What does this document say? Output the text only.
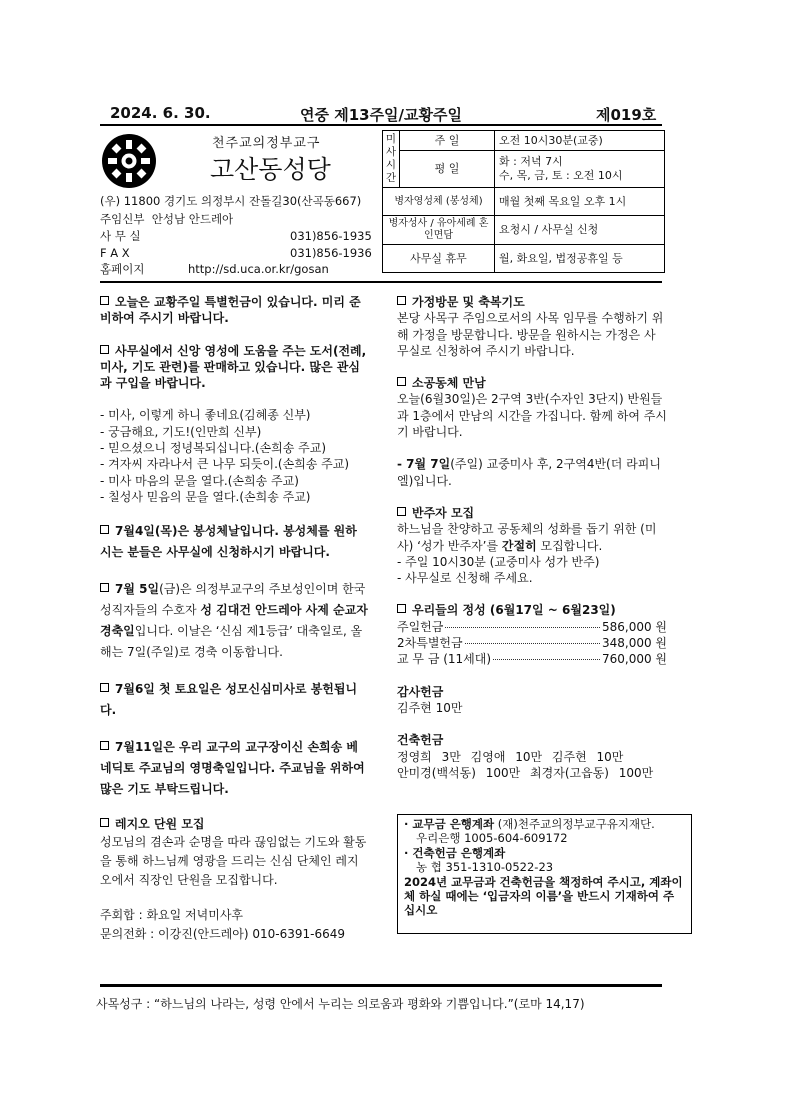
2024. 6. 30.	연중 제13주일/교황주일	제019호
천주교의정부교구
고산동성당
(우) 11800 경기도 의정부시 잔돌길30(산곡동667)
주임신부 안성남 안드레아
사 무 실	031)856-1935
F A X	031)856-1936
홈페이지	http://sd.uca.or.kr/gosan
미사시간	주 일	오전 10시30분(교중)
	평 일	화 : 저녁 7시
수, 목, 금, 토 : 오전 10시

병자영성체 (봉성체)		매월 첫째 목요일 오후 1시
병자성사 / 유아세례 혼인면담		요청시 / 사무실 신청
사무실 휴무		월, 화요일, 법정공휴일 등

오늘은 교황주일 특별헌금이 있습니다. 미리 준비하여 주시기 바랍니다.

사무실에서 신앙 영성에 도움을 주는 도서(전례, 미사, 기도 관련)를 판매하고 있습니다. 많은 관심과 구입을 바랍니다.

- 미사, 이렇게 하니 좋네요(김혜종 신부)
- 궁금해요, 기도!(인만희 신부)
- 믿으셨으니 정녕복되십니다.(손희송 주교)
- 겨자씨 자라나서 큰 나무 되듯이.(손희송 주교)
- 미사 마음의 문을 열다.(손희송 주교)
- 칠성사 믿음의 문을 열다.(손희송 주교)

7월4일(목)은 봉성체날입니다. 봉성체를 원하시는 분들은 사무실에 신청하시기 바랍니다.

7월 5일(금)은 의정부교구의 주보성인이며 한국 성직자들의 수호자 성 김대건 안드레아 사제 순교자 경축일입니다. 이날은 ‘신심 제1등급’ 대축일로, 올해는 7일(주일)로 경축 이동합니다.

7월6일 첫 토요일은 성모신심미사로 봉헌됩니다.

7월11일은 우리 교구의 교구장이신 손희송 베네딕토 주교님의 영명축일입니다. 주교님을 위하여 많은 기도 부탁드립니다.

레지오 단원 모집

성모님의 겸손과 순명을 따라 끊임없는 기도와 활동을 통해 하느님께 영광을 드리는 신심 단체인 레지오에서 직장인 단원을 모집합니다.

주회합 : 화요일 저녁미사후

문의전화 : 이강진(안드레아) 010-6391-6649

가정방문 및 축복기도

본당 사목구 주임으로서의 사목 임무를 수행하기 위해 가정을 방문합니다. 방문을 원하시는 가정은 사무실로 신청하여 주시기 바랍니다.

소공동체 만남

오늘(6월30일)은 2구역 3반(수자인 3단지) 반원들과 1층에서 만남의 시간을 가집니다. 함께 하여 주시기 바랍니다.

- 7월 7일(주일) 교중미사 후, 2구역4반(더 라피니엘)입니다.

반주자 모집

하느님을 찬양하고 공동체의 성화를 돕기 위한 (미사) ‘성가 반주자’를 간절히 모집합니다.

- 주일 10시30분 (교중미사 성가 반주)

- 사무실로 신청해 주세요.

우리들의 정성 (6월17일 ~ 6월23일)

주일헌금	586,000 원
2차특별헌금	348,000 원
교 무 금 (11세대)	760,000 원

감사헌금

김주현 10만

건축헌금

정영희 3만 김영애 10만 김주현 10만

안미경(백석동) 100만 최경자(고읍동) 100만

· 교무금 은행계좌 (재)천주교의정부교구유지재단.
우리은행 1005-604-609172
· 건축헌금 은행계좌
농 협 351-1310-0522-23
2024년 교무금과 건축헌금을 책정하여 주시고, 계좌이체 하실 때에는 ‘입금자의 이름’을 반드시 기재하여 주십시오
사목성구 : “하느님의 나라는, 성령 안에서 누리는 의로움과 평화와 기쁨입니다.”(로마 14,17)
